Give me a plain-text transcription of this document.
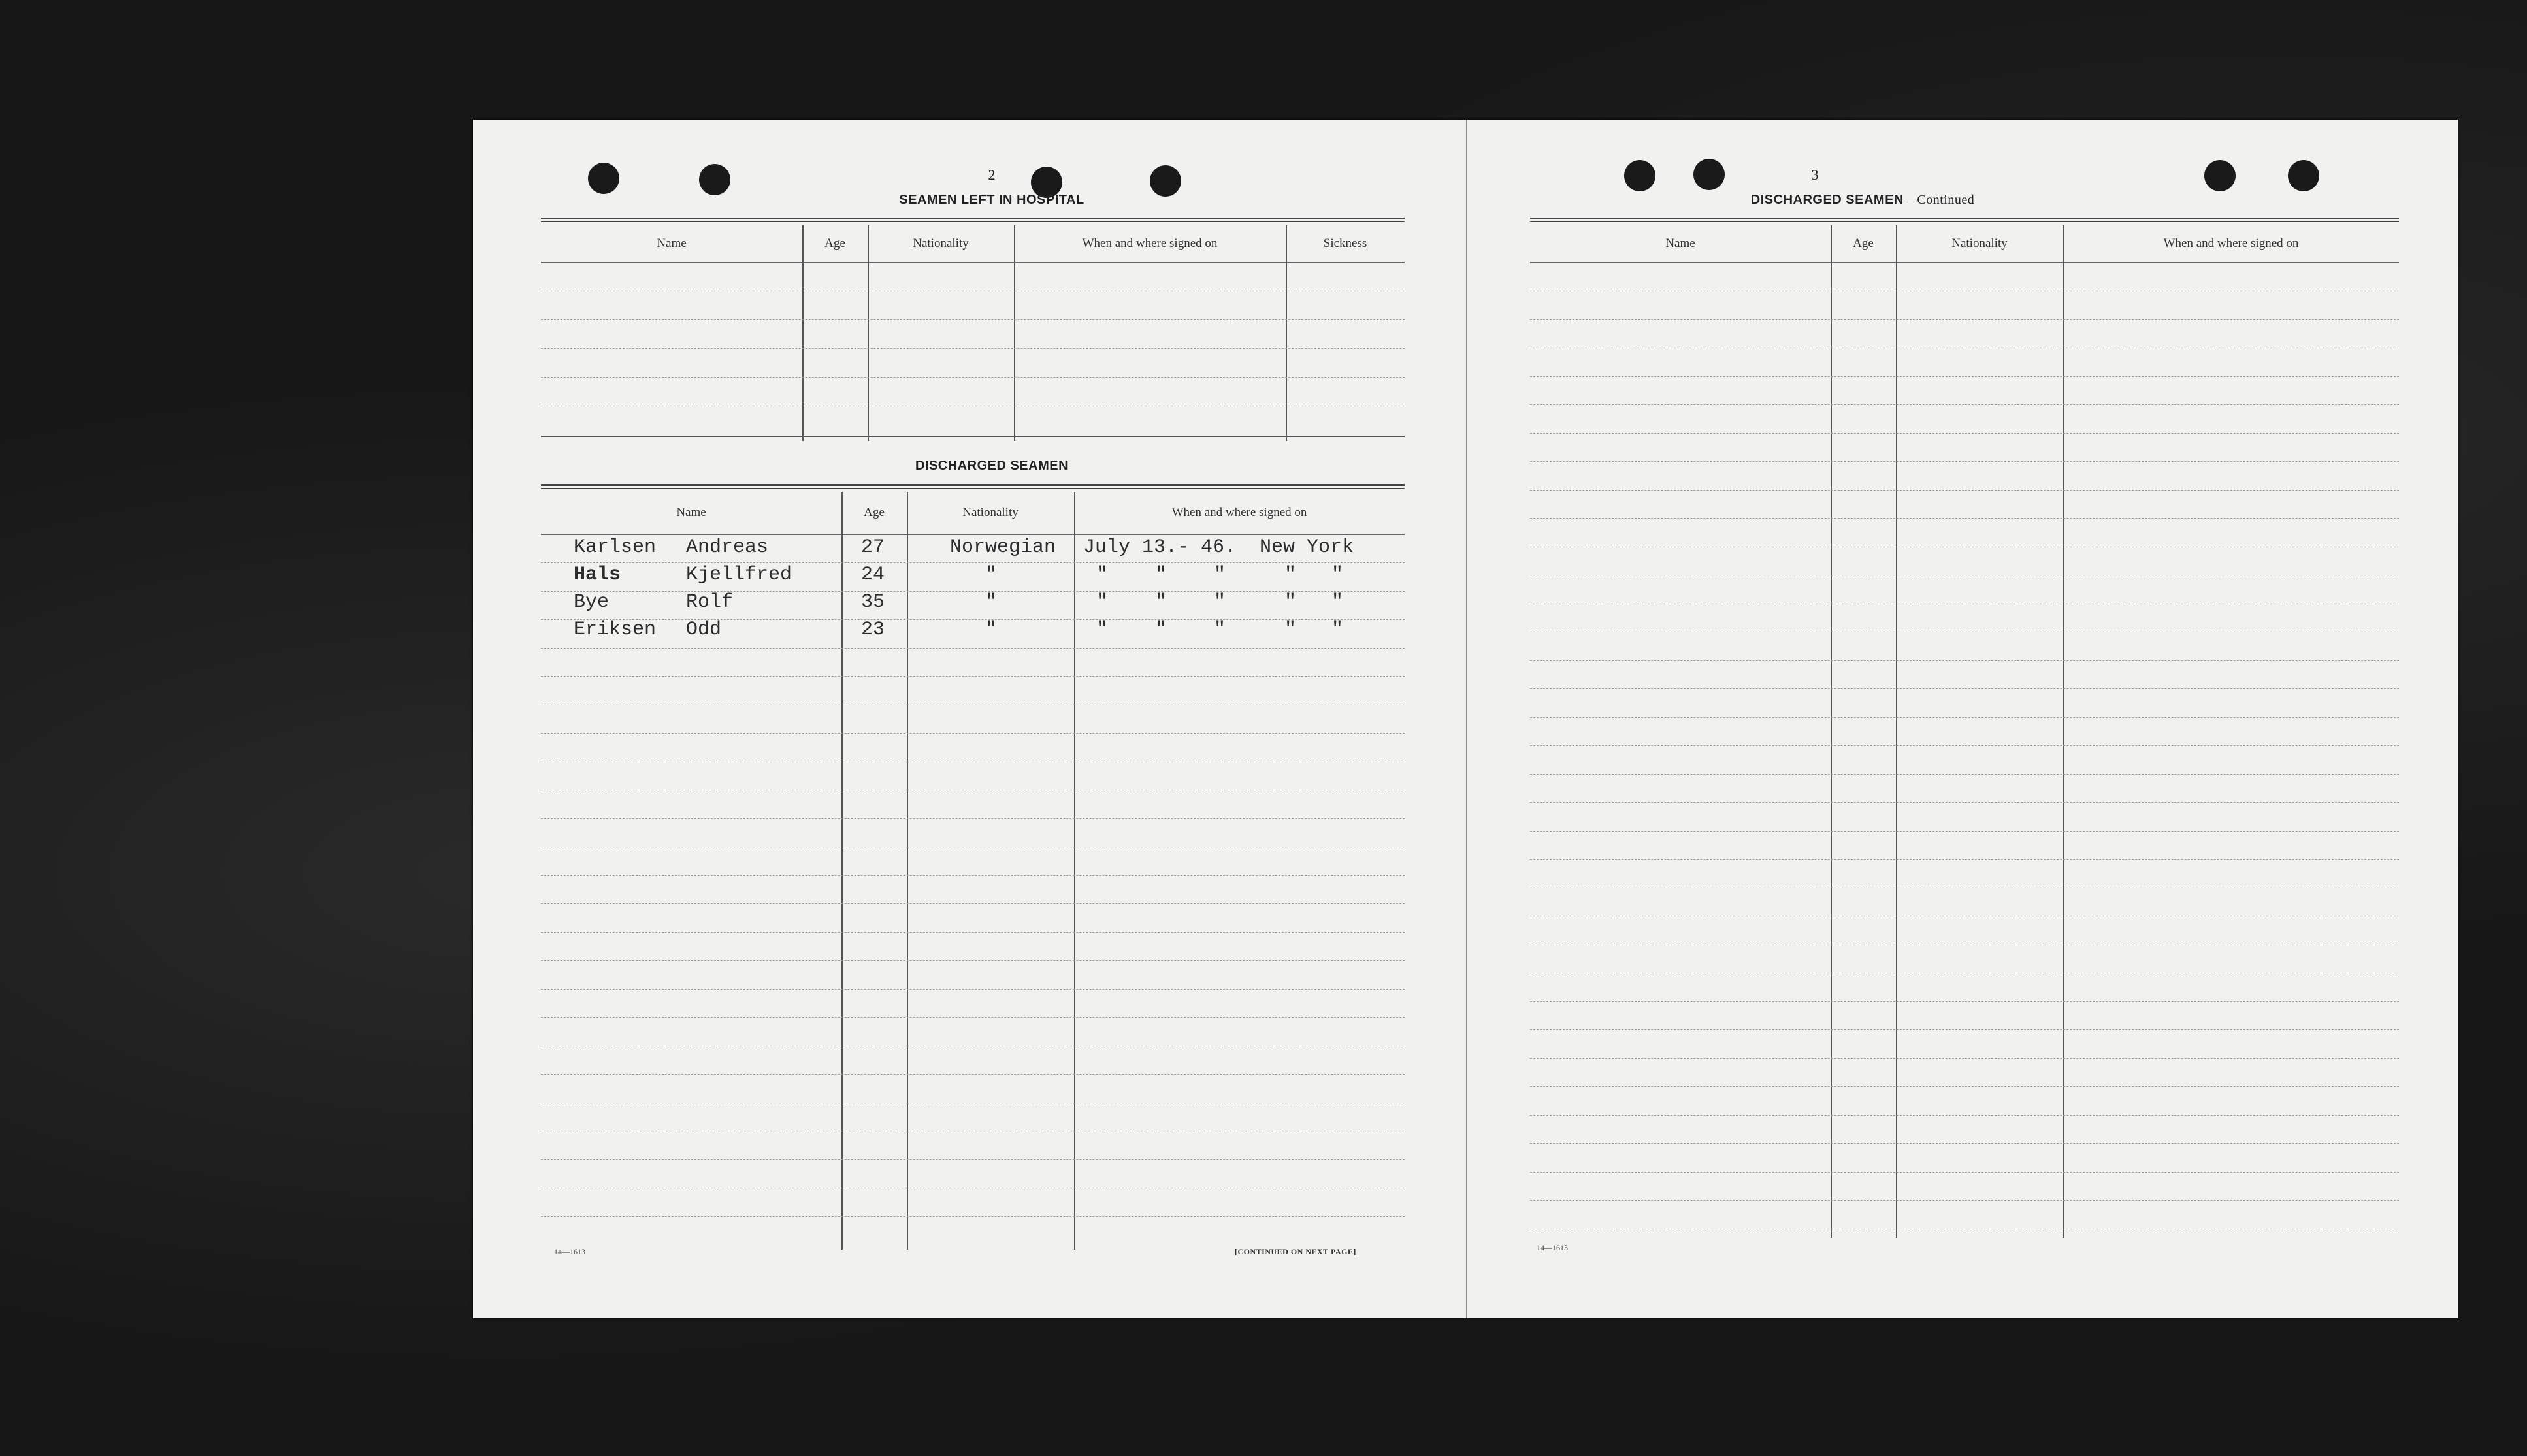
2
SEAMEN LEFT IN HOSPITAL
Name	Age	Nationality	When and where signed on	Sickness
DISCHARGED SEAMEN
Name	Age	Nationality	When and where signed on
Karlsen Andreas	27	Norwegian July 13.- 46.  New York
Hals	Kjellfred	24	"	"    "    "     "   "
Bye	Rolf	35	"	"    "    "     "   "
Eriksen Odd	23	"	"    "    "     "   "
14—1613	[CONTINUED ON NEXT PAGE]
3
DISCHARGED SEAMEN—Continued
Name	Age	Nationality	When and where signed on
14—1613
